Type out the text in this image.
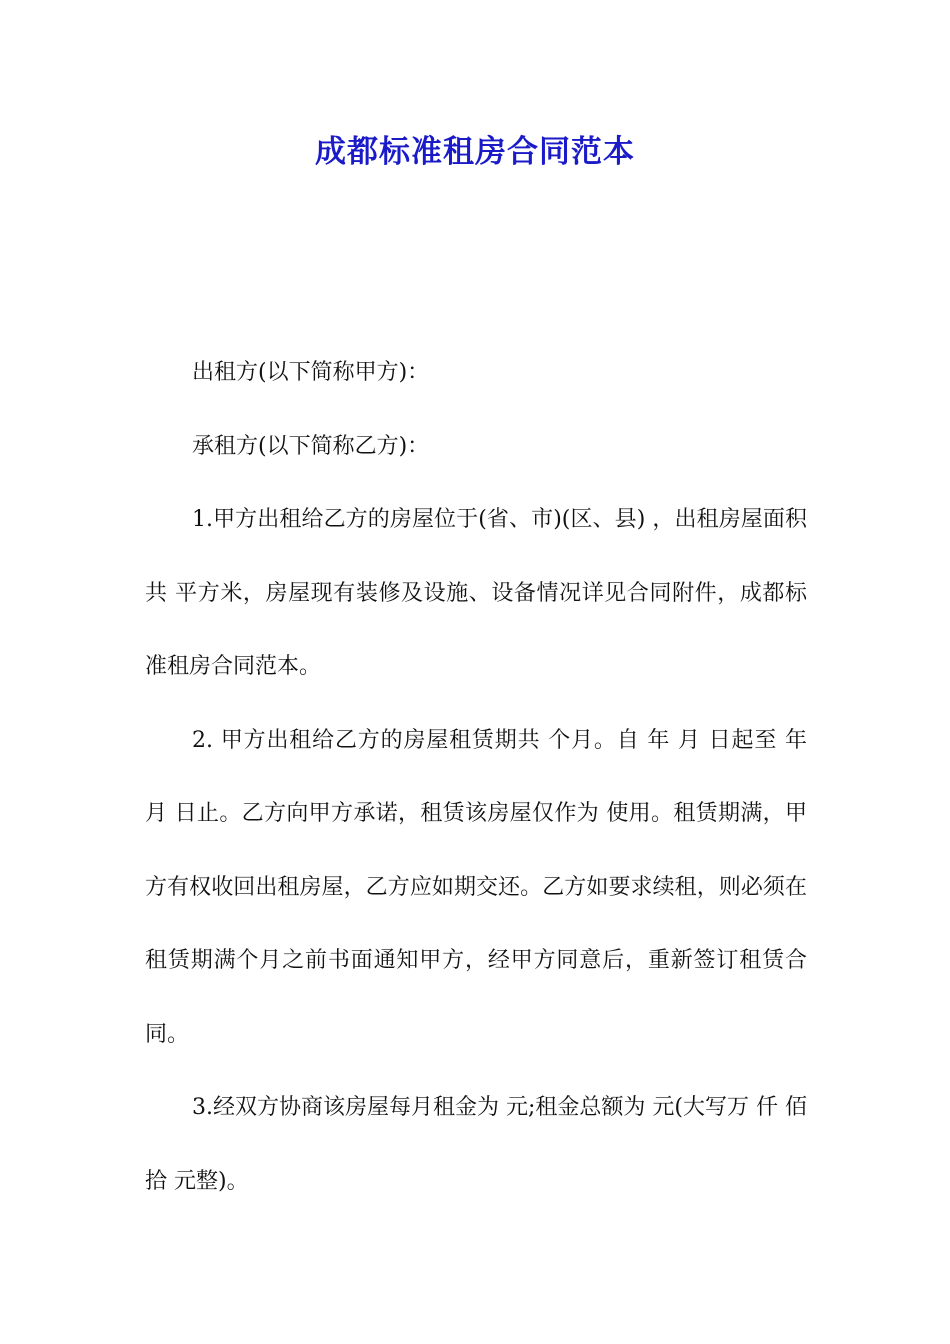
成都标准租房合同范本

出租方(以下简称甲方)：

承租方(以下简称乙方)：

1.甲方出租给乙方的房屋位于(省、市)(区、县) ，出租房屋面积共 平方米，房屋现有装修及设施、设备情况详见合同附件，成都标准租房合同范本。

2. 甲方出租给乙方的房屋租赁期共 个月。自 年 月 日起至 年 月 日止。乙方向甲方承诺，租赁该房屋仅作为 使用。租赁期满，甲方有权收回出租房屋，乙方应如期交还。乙方如要求续租，则必须在租赁期满个月之前书面通知甲方，经甲方同意后，重新签订租赁合同。

3.经双方协商该房屋每月租金为 元;租金总额为 元(大写万 仟 佰 拾 元整)。
